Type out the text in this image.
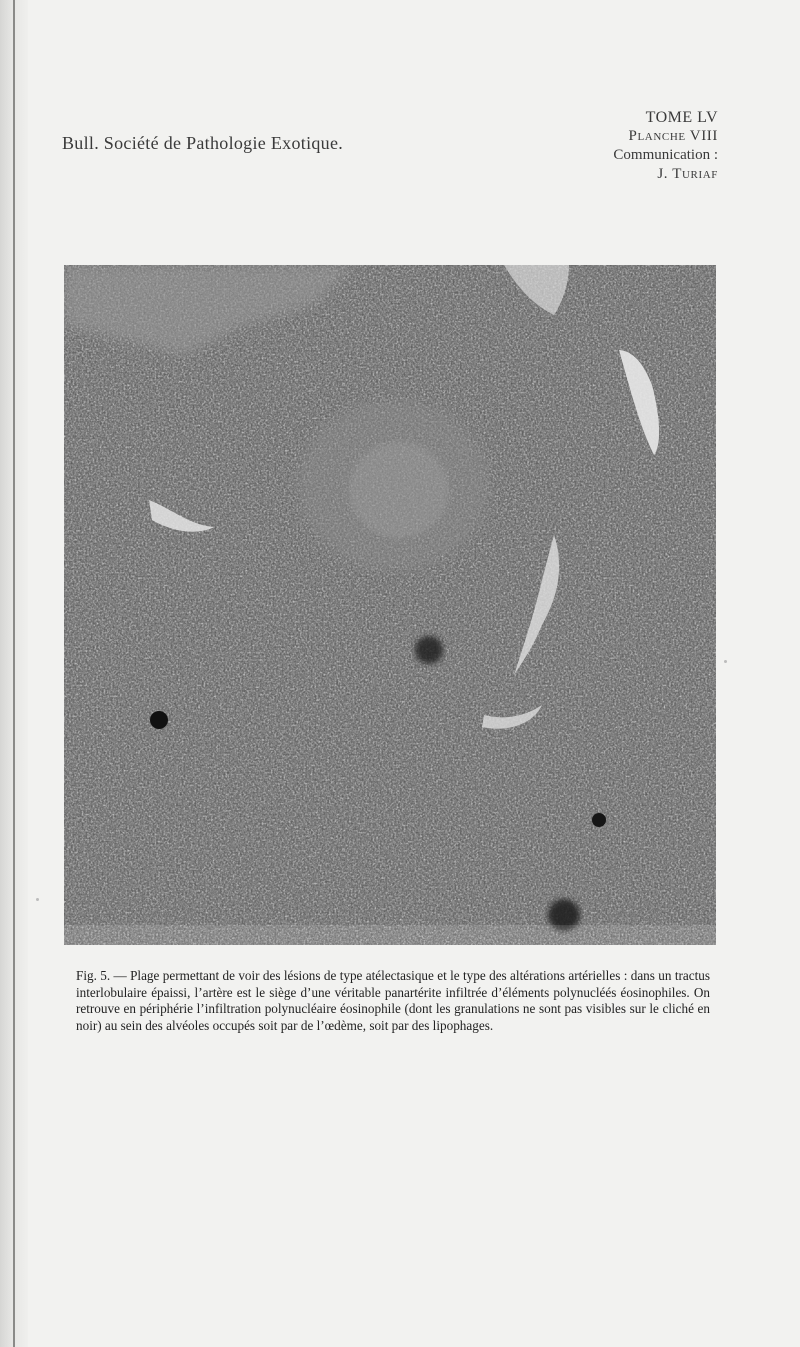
Bull. Société de Pathologie Exotique.
TOME LV
Planche VIII
Communication :
J. Turiaf
Fig. 5. — Plage permettant de voir des lésions de type atélectasique et le type des altérations artérielles : dans un tractus interlobulaire épaissi, l’artère est le siège d’une véritable panartérite infiltrée d’éléments polynucléés éosinophiles. On retrouve en périphérie l’infiltration polynucléaire éosinophile (dont les granulations ne sont pas visibles sur le cliché en noir) au sein des alvéoles occupés soit par de l’œdème, soit par des lipophages.
